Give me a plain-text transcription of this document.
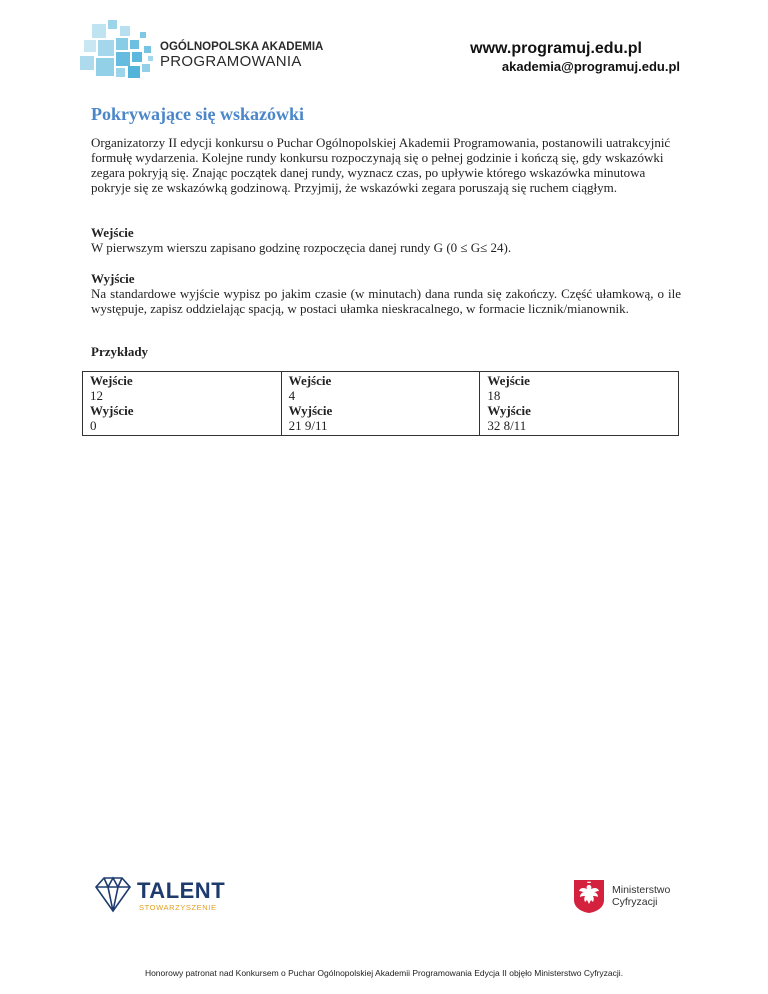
OGÓLNOPOLSKA AKADEMIA
PROGRAMOWANIA
www.programuj.edu.pl
akademia@programuj.edu.pl
Pokrywające się wskazówki

Organizatorzy II edycji konkursu o Puchar Ogólnopolskiej Akademii Programowania, postanowili uatrakcyjnić formułę wydarzenia. Kolejne rundy konkursu rozpoczynają się o pełnej godzinie i kończą się, gdy wskazówki zegara pokryją się. Znając początek danej rundy, wyznacz czas, po upływie którego wskazówka minutowa pokryje się ze wskazówką godzinową. Przyjmij, że wskazówki zegara poruszają się ruchem ciągłym.

Wejście

W pierwszym wierszu zapisano godzinę rozpoczęcia danej rundy G (0 ≤ G≤ 24).

Wyjście

Na standardowe wyjście wypisz po jakim czasie (w minutach) dana runda się zakończy. Część ułamkową, o ile występuje, zapisz oddzielając spacją, w postaci ułamka nieskracalnego, w formacie licznik/mianownik.

Przykłady
Wejście
12
Wyjście
0

Wejście
4
Wyjście
21 9/11

Wejście
18
Wyjście
32 8/11
TALENT
STOWARZYSZENIE
Ministerstwo
Cyfryzacji
Honorowy patronat nad Konkursem o Puchar Ogólnopolskiej Akademii Programowania Edycja II objęło Ministerstwo Cyfryzacji.
